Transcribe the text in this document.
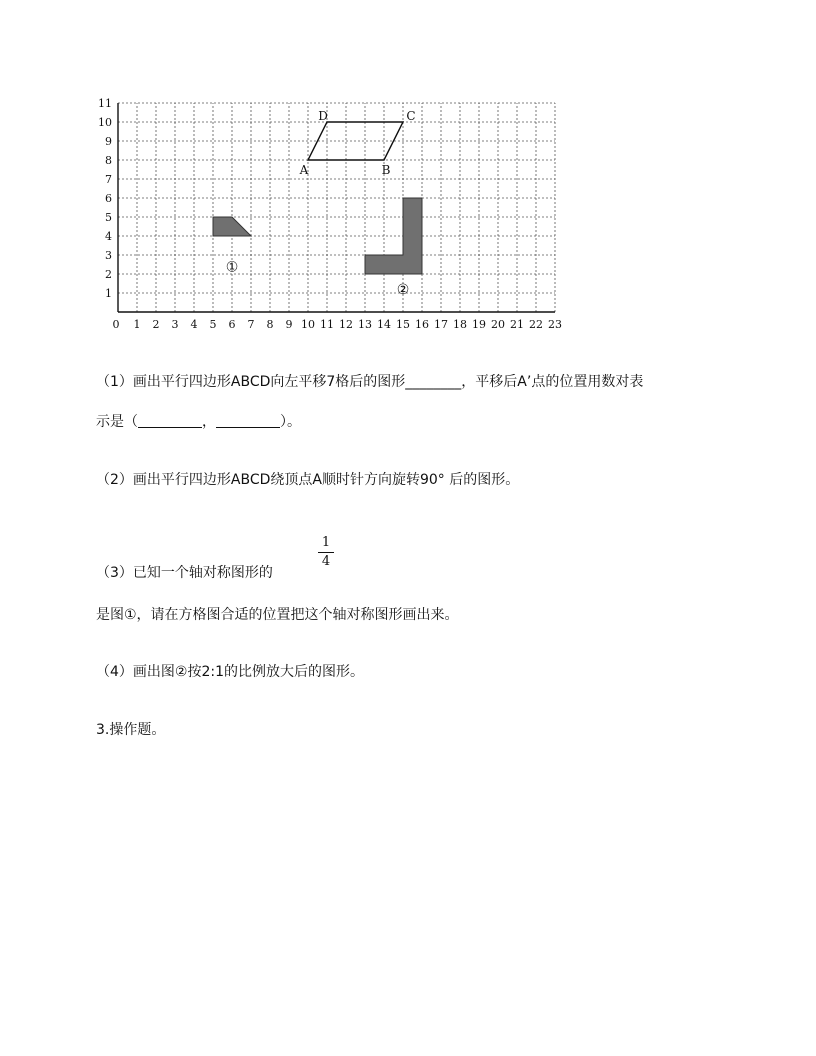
0 1 2 3 4 5 6 7 8 9 10 11 12 13 14 15 16 17 18 19 20 21 22 23
1
2
3
4
5
6
7
8
9
10
11
A	B
C
D
①
②
（1）画出平行四边形ABCD向左平移7格后的图形________，平移后A’点的位置用数对表
示是（	，	）。
（2）画出平行四边形ABCD绕顶点A顺时针方向旋转90° 后的图形。
（3）已知一个轴对称图形的
1
4
是图①，请在方格图合适的位置把这个轴对称图形画出来。
（4）画出图②按2:1的比例放大后的图形。
3.操作题。
